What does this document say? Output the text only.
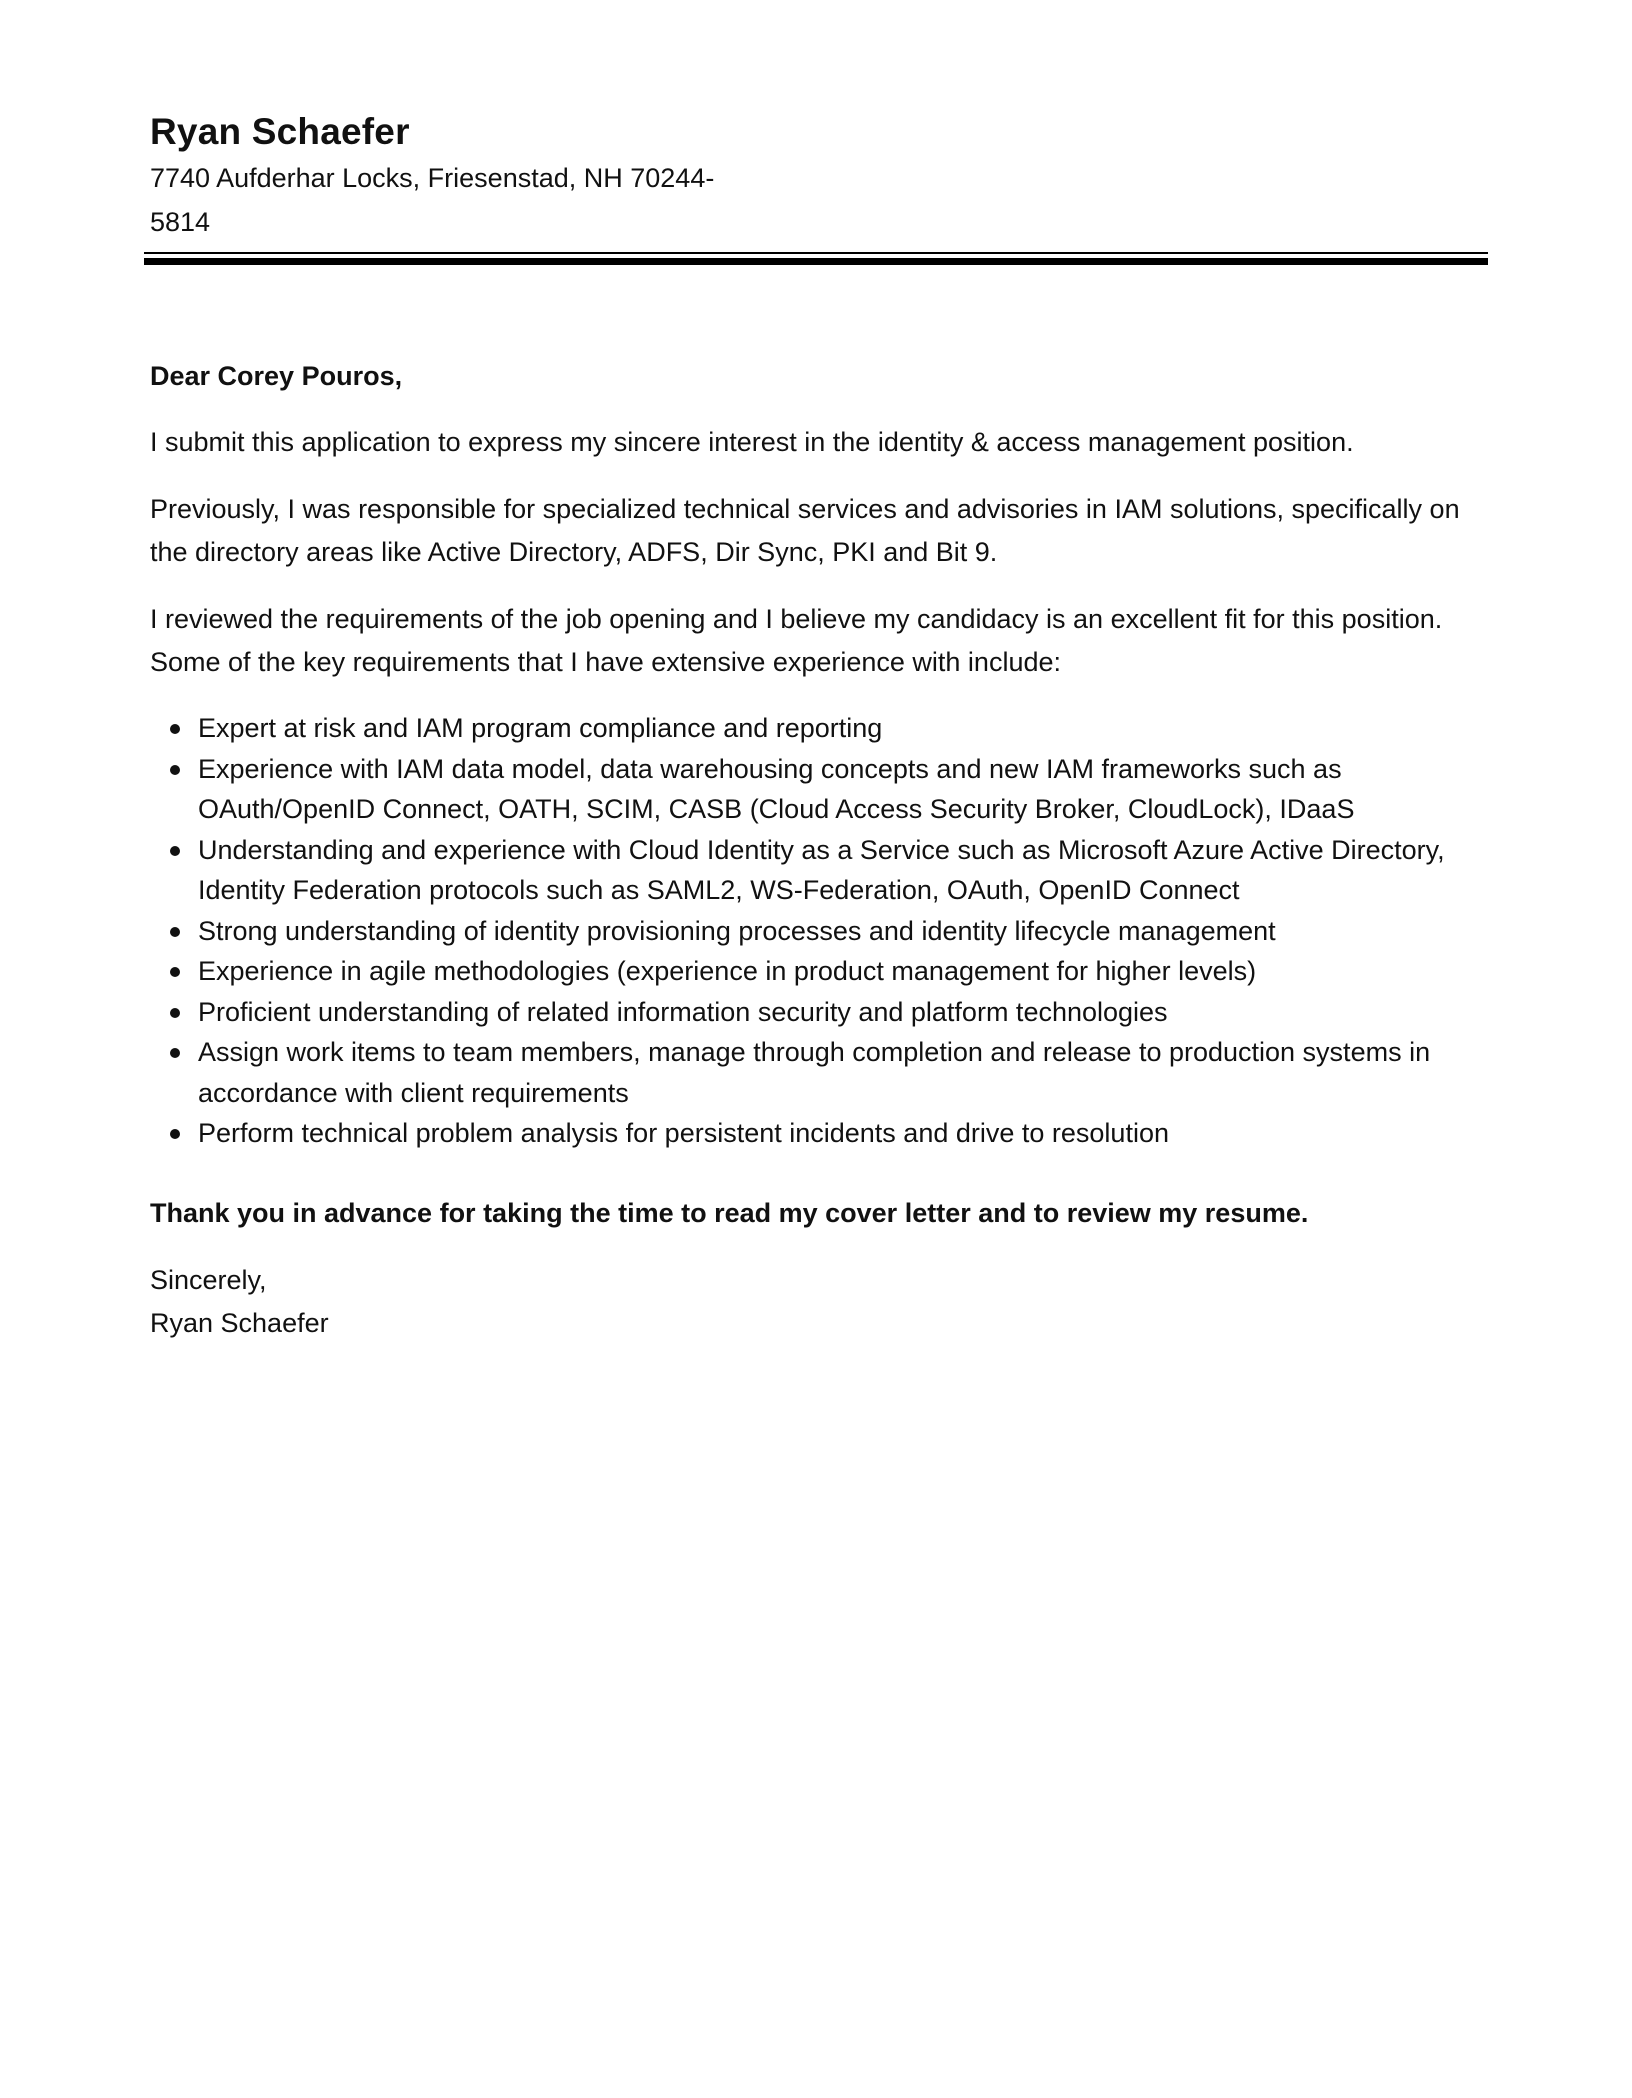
Ryan Schaefer
7740 Aufderhar Locks, Friesenstad, NH 70244-5814

Dear Corey Pouros,

I submit this application to express my sincere interest in the identity & access management position.

Previously, I was responsible for specialized technical services and advisories in IAM solutions, specifically on the directory areas like Active Directory, ADFS, Dir Sync, PKI and Bit 9.

I reviewed the requirements of the job opening and I believe my candidacy is an excellent fit for this position. Some of the key requirements that I have extensive experience with include:

Expert at risk and IAM program compliance and reporting
Experience with IAM data model, data warehousing concepts and new IAM frameworks such as OAuth/OpenID Connect, OATH, SCIM, CASB (Cloud Access Security Broker, CloudLock), IDaaS
Understanding and experience with Cloud Identity as a Service such as Microsoft Azure Active Directory, Identity Federation protocols such as SAML2, WS-Federation, OAuth, OpenID Connect
Strong understanding of identity provisioning processes and identity lifecycle management
Experience in agile methodologies (experience in product management for higher levels)
Proficient understanding of related information security and platform technologies
Assign work items to team members, manage through completion and release to production systems in accordance with client requirements
Perform technical problem analysis for persistent incidents and drive to resolution

Thank you in advance for taking the time to read my cover letter and to review my resume.

Sincerely,

Ryan Schaefer
